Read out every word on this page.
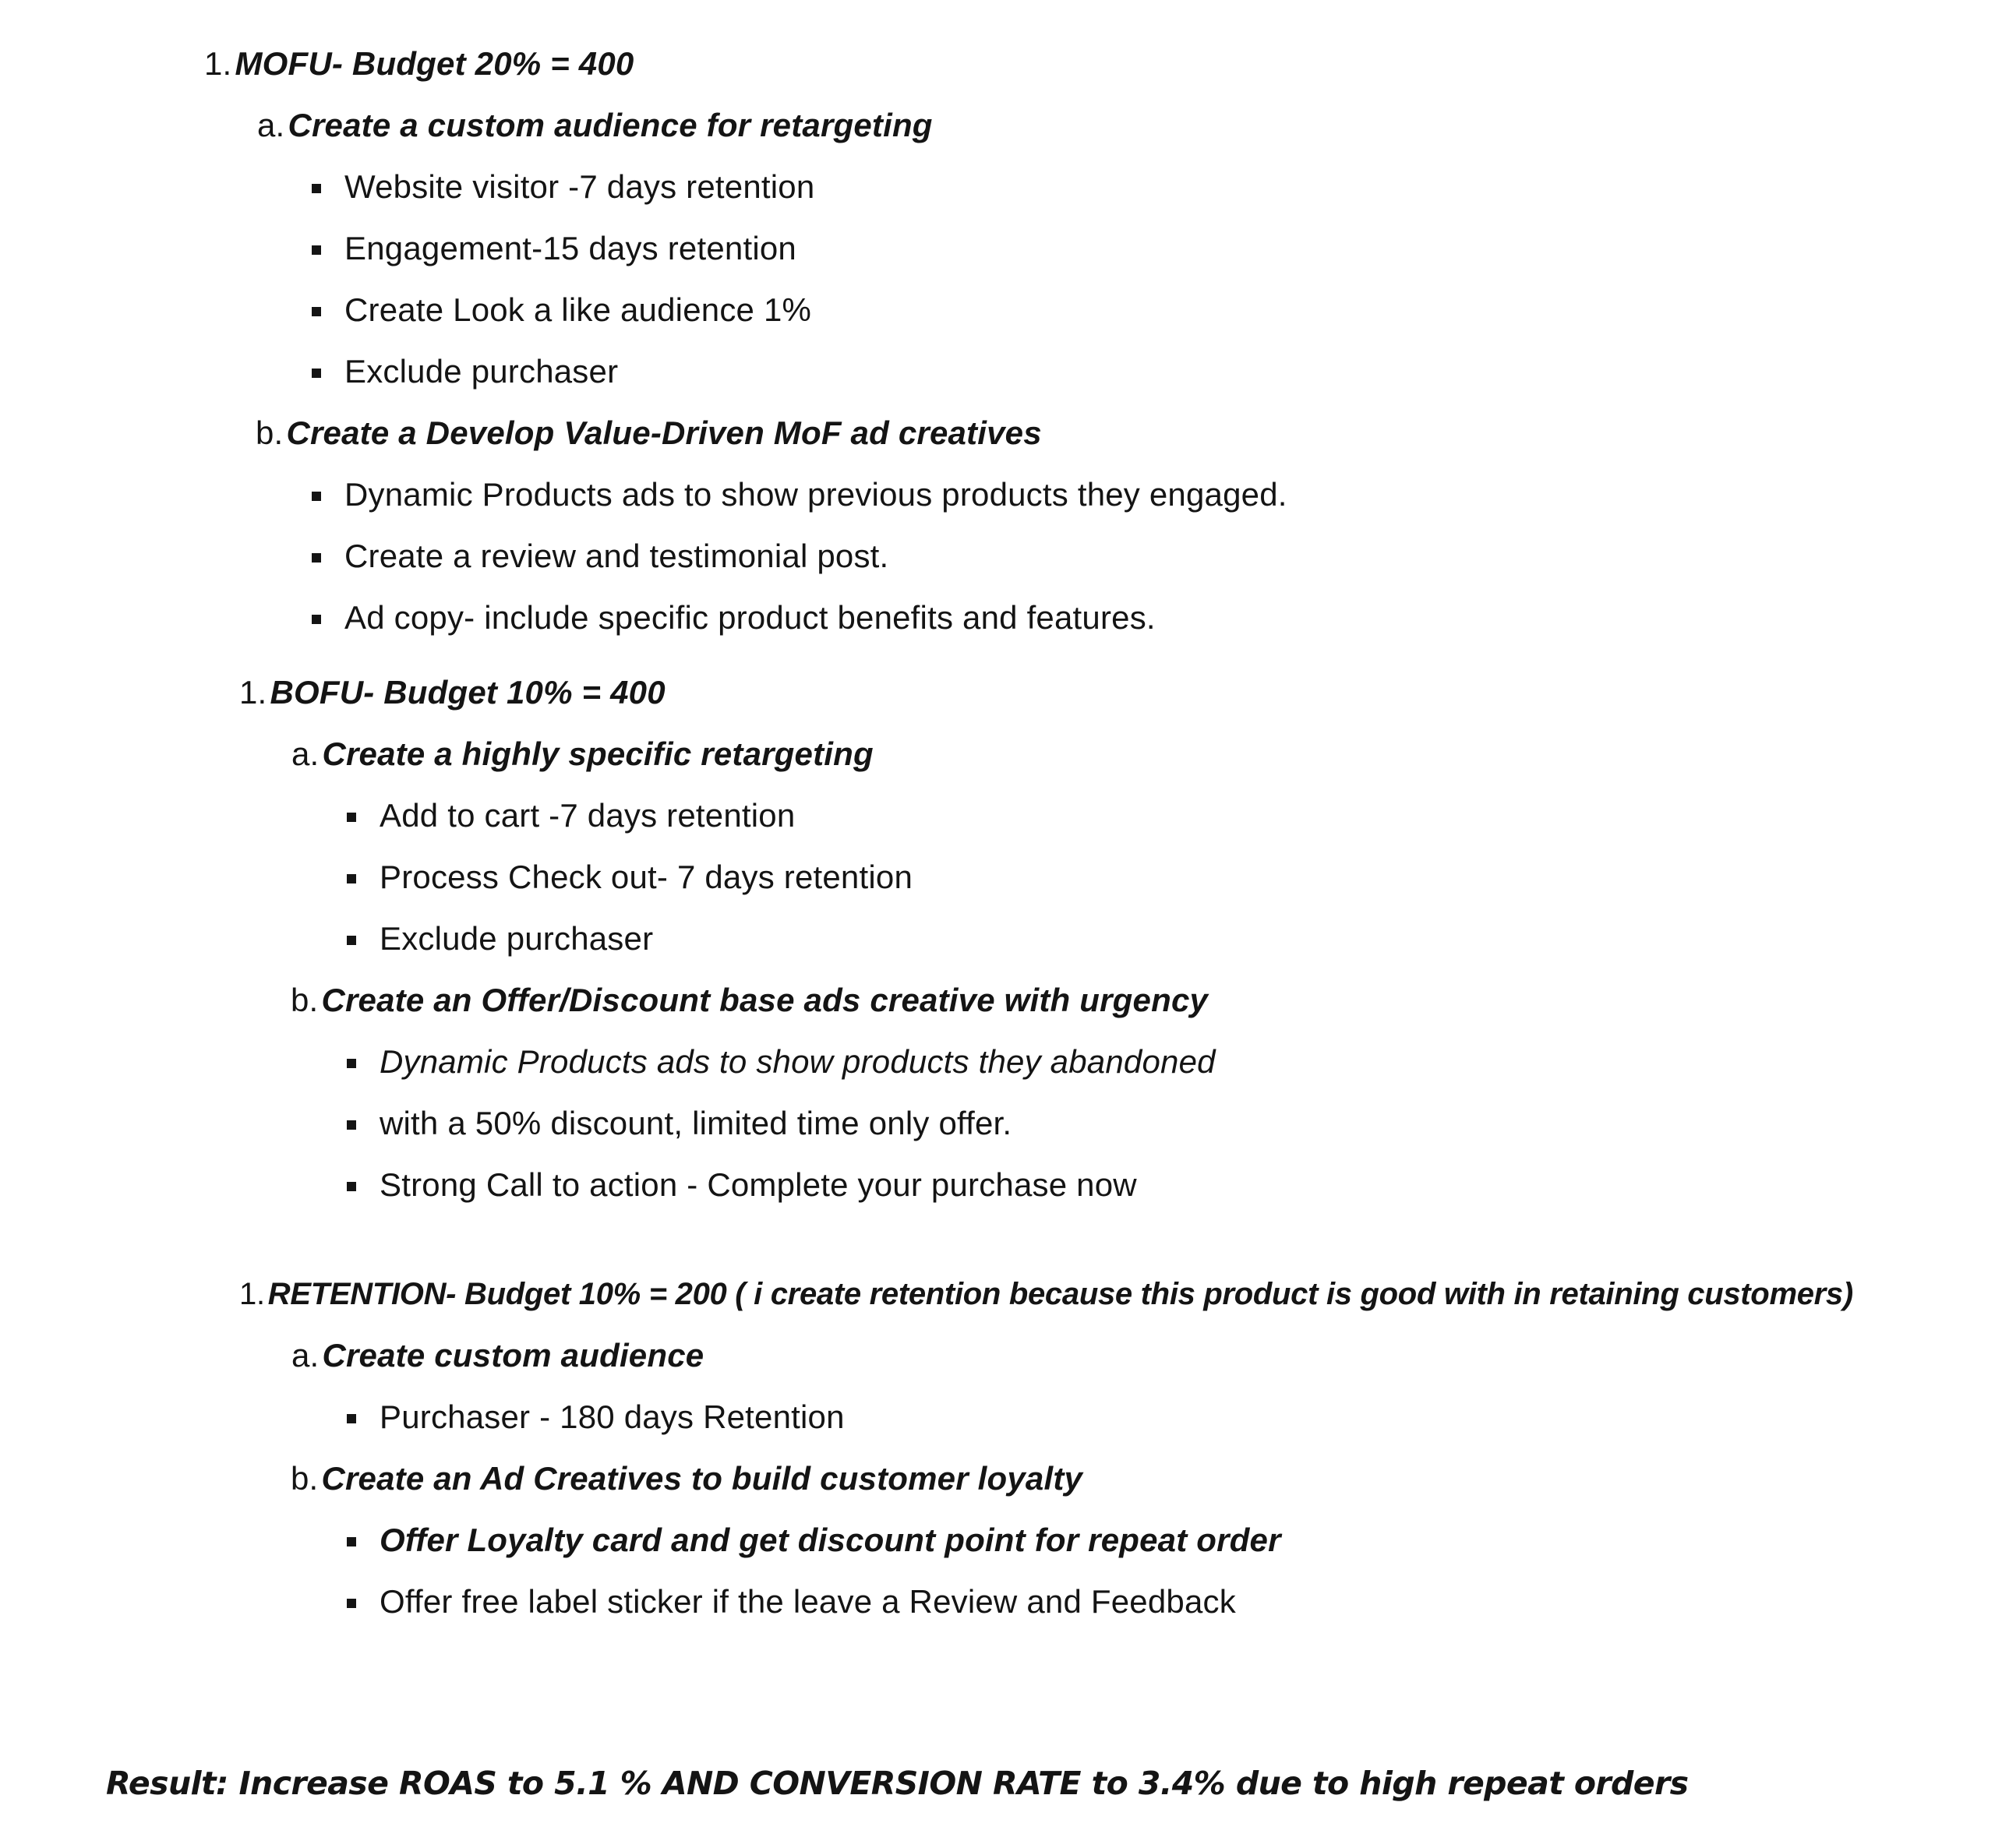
1.MOFU- Budget 20% = 400
a.Create a custom audience for retargeting
Website visitor -7 days retention
Engagement-15 days retention
Create Look a like audience 1%
Exclude purchaser
b.Create a Develop Value-Driven MoF ad creatives
Dynamic Products ads to show previous products they engaged.
Create a review and testimonial post.
Ad copy- include specific product benefits and features.
1.BOFU- Budget 10% = 400
a.Create a highly specific retargeting
Add to cart -7 days retention
Process Check out- 7 days retention
Exclude purchaser
b.Create an Offer/Discount base ads creative with urgency
Dynamic Products ads to show products they abandoned
with a 50% discount, limited time only offer.
Strong Call to action - Complete your purchase now
1. RETENTION- Budget 10% = 200 ( i create retention because this product is good with in retaining customers)
a.Create custom audience
Purchaser - 180 days Retention
b.Create an Ad Creatives to build customer loyalty
Offer Loyalty card and get discount point for repeat order
Offer free label sticker if the leave a Review and Feedback
Result: Increase ROAS to 5.1 % AND CONVERSION RATE to 3.4% due to high repeat orders
